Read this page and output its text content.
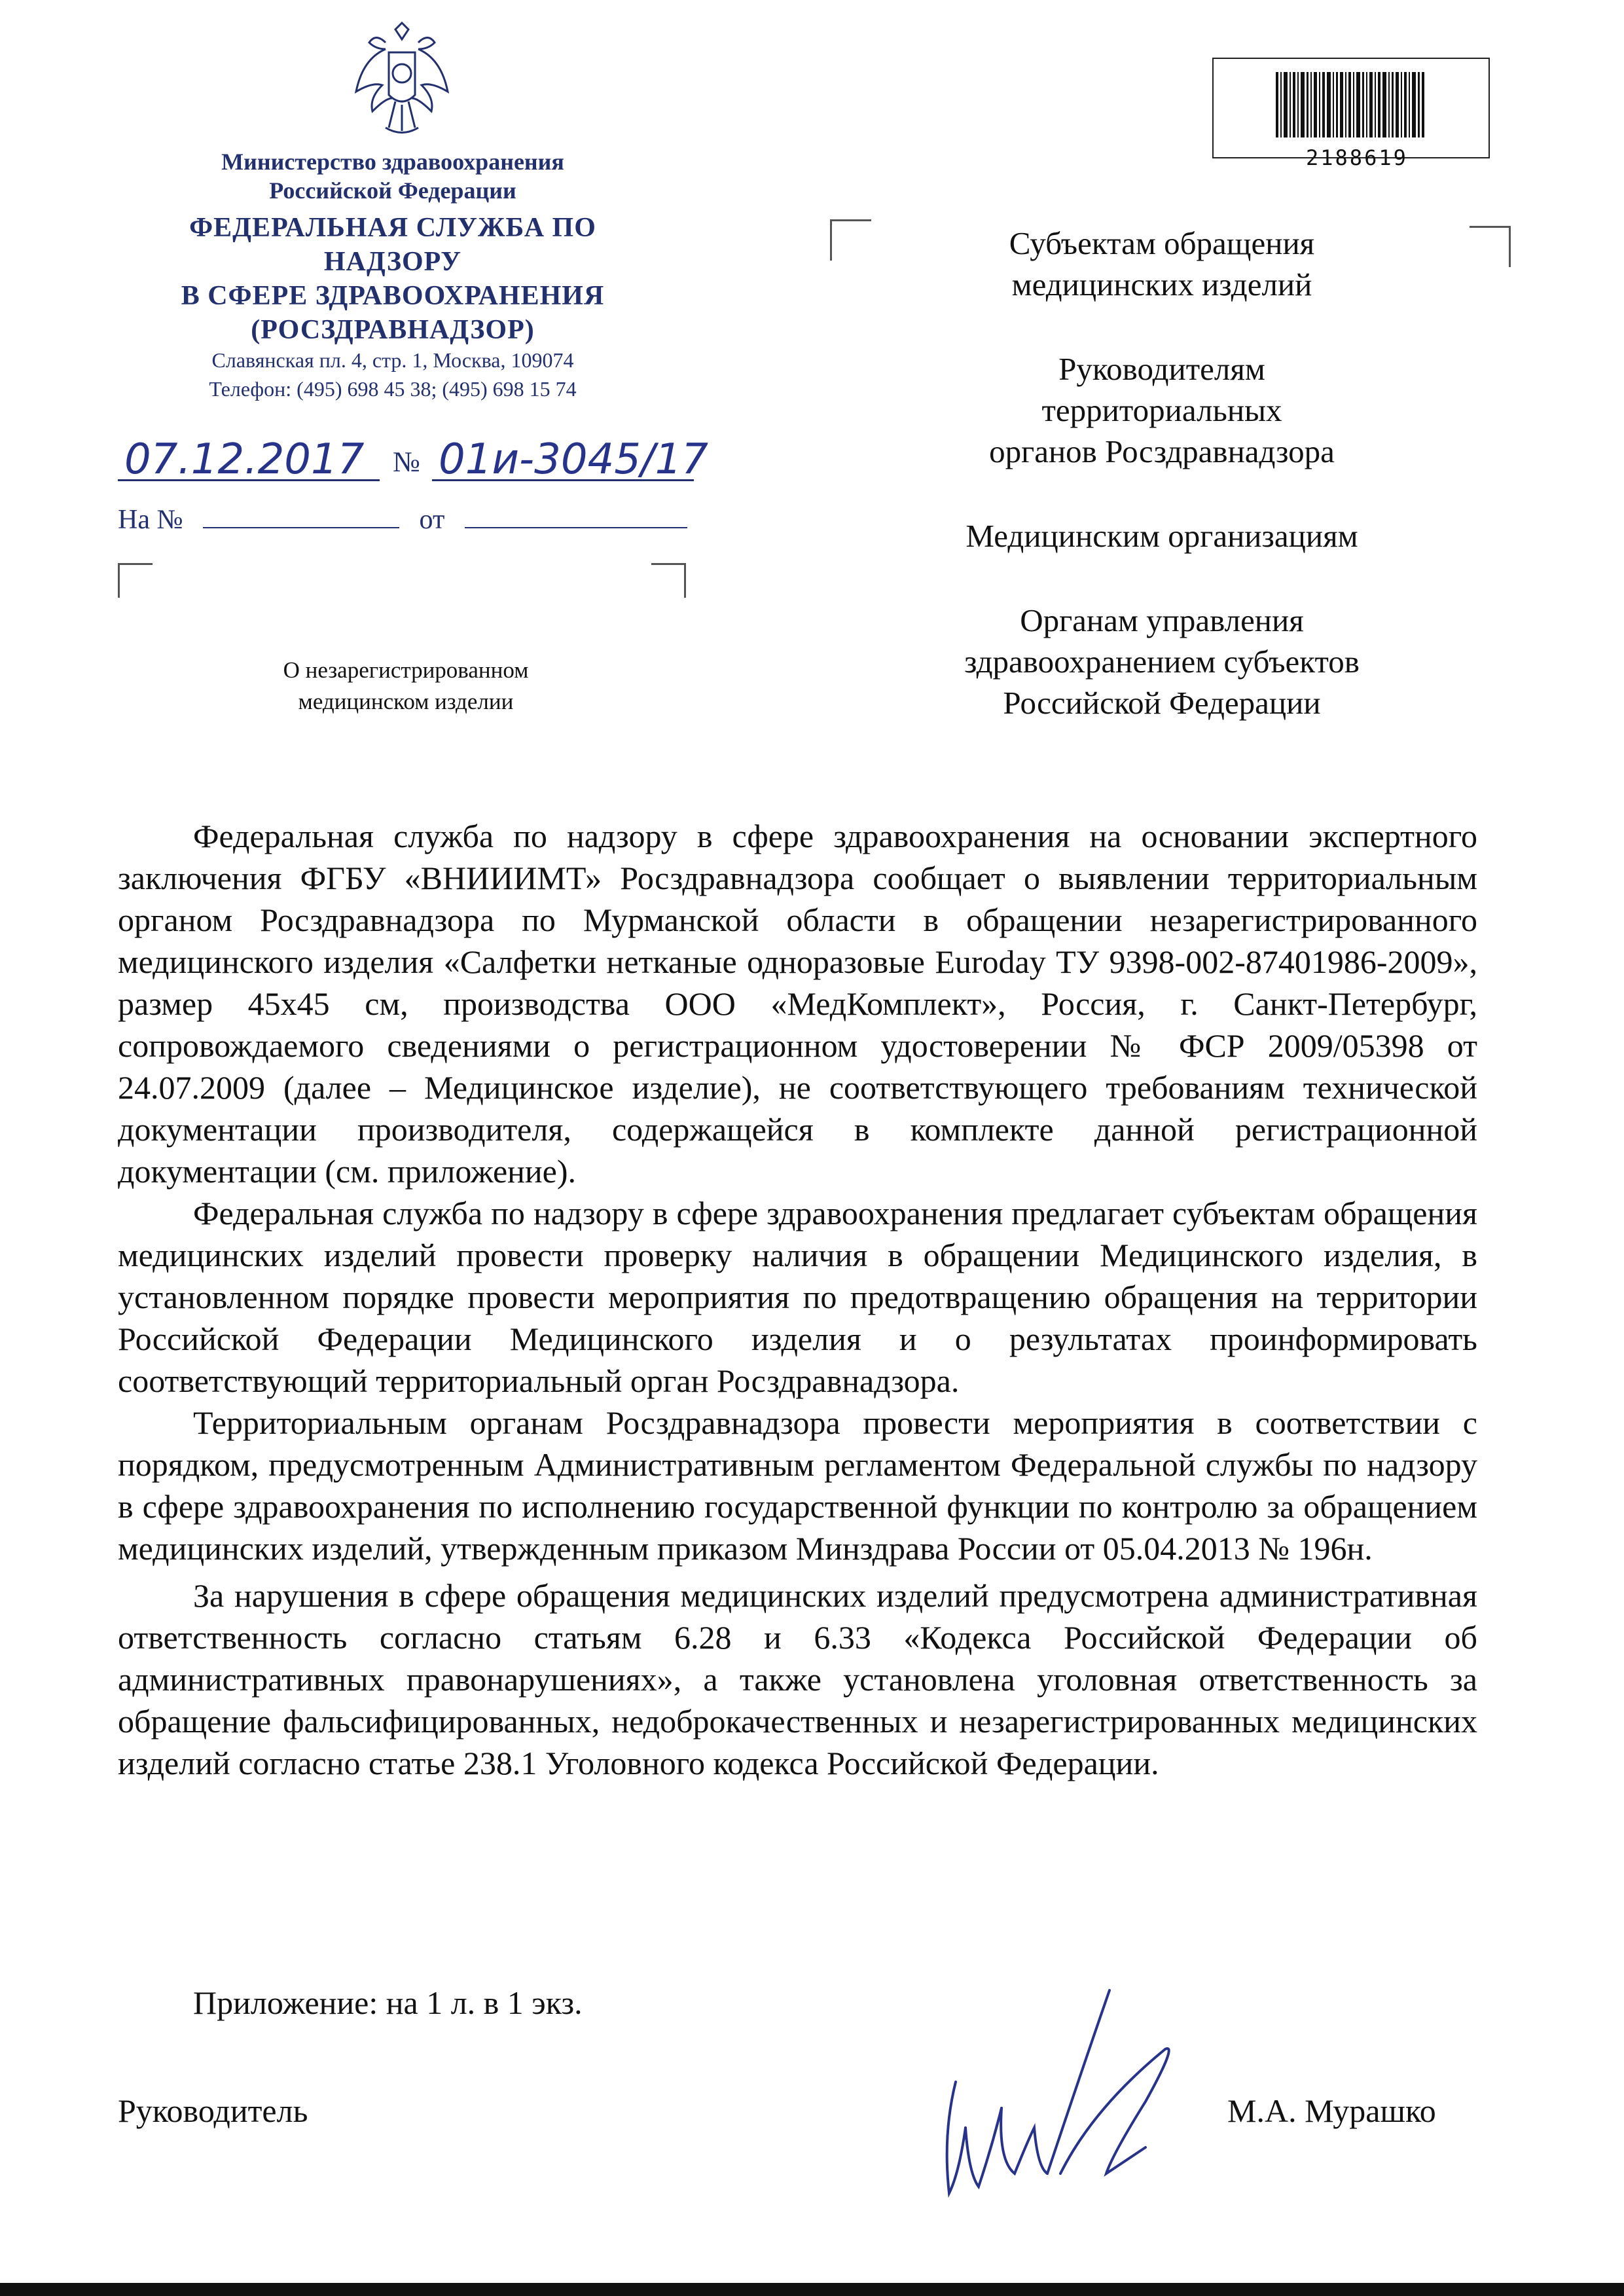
Министерство здравоохранения
Российской Федерации
ФЕДЕРАЛЬНАЯ СЛУЖБА ПО НАДЗОРУ
В СФЕРЕ ЗДРАВООХРАНЕНИЯ
(РОСЗДРАВНАДЗОР)
Славянская пл. 4, стр. 1, Москва, 109074
Телефон: (495) 698 45 38; (495) 698 15 74
07.12.2017 № 01и-3045/17
На №	от
О незарегистрированном
медицинском изделии
2188619

Субъектам обращения
медицинских изделий

Руководителям
территориальных
органов Росздравнадзора

Медицинским организациям

Органам управления
здравоохранением субъектов
Российской Федерации

Федеральная служба по надзору в сфере здравоохранения на основании экспертного заключения ФГБУ «ВНИИИМТ» Росздравнадзора сообщает о выявлении территориальным органом Росздравнадзора по Мурманской области в обращении незарегистрированного медицинского изделия «Салфетки нетканые одноразовые Euroday ТУ 9398-002-87401986-2009», размер 45х45 см, производства ООО «МедКомплект», Россия, г. Санкт-Петербург, сопровождаемого сведениями о регистрационном удостоверении № ФСР 2009/05398 от 24.07.2009 (далее – Медицинское изделие), не соответствующего требованиям технической документации производителя, содержащейся в комплекте данной регистрационной документации (см. приложение).

Федеральная служба по надзору в сфере здравоохранения предлагает субъектам обращения медицинских изделий провести проверку наличия в обращении Медицинского изделия, в установленном порядке провести мероприятия по предотвращению обращения на территории Российской Федерации Медицинского изделия и о результатах проинформировать соответствующий территориальный орган Росздравнадзора.

Территориальным органам Росздравнадзора провести мероприятия в соответствии с порядком, предусмотренным Административным регламентом Федеральной службы по надзору в сфере здравоохранения по исполнению государственной функции по контролю за обращением медицинских изделий, утвержденным приказом Минздрава России от 05.04.2013 № 196н.

За нарушения в сфере обращения медицинских изделий предусмотрена административная ответственность согласно статьям 6.28 и 6.33 «Кодекса Российской Федерации об административных правонарушениях», а также установлена уголовная ответственность за обращение фальсифицированных, недоброкачественных и незарегистрированных медицинских изделий согласно статье 238.1 Уголовного кодекса Российской Федерации.

Приложение: на 1 л. в 1 экз.
Руководитель	М.А. Мурашко
